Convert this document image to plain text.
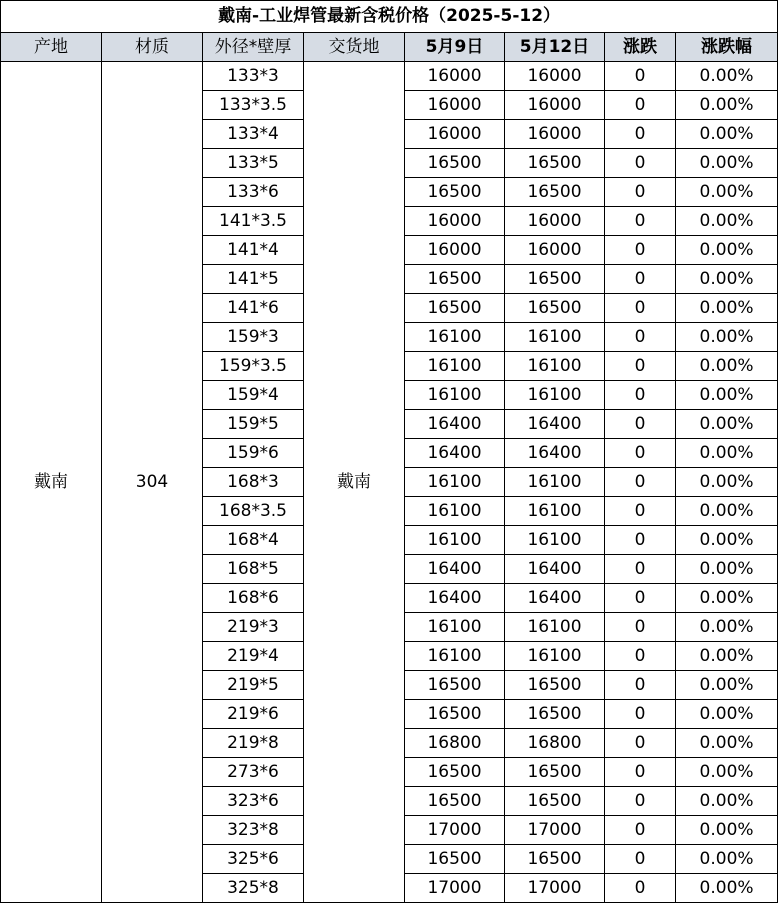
戴南-工业焊管最新含税价格（2025-5-12）							
产地	材质	外径*壁厚	交货地	5月9日	5月12日	涨跌	涨跌幅
戴南	304	133*3	戴南	16000	16000	0	0.00%
		133*3.5		16000	16000	0	0.00%
		133*4		16000	16000	0	0.00%
		133*5		16500	16500	0	0.00%
		133*6		16500	16500	0	0.00%
		141*3.5		16000	16000	0	0.00%
		141*4		16000	16000	0	0.00%
		141*5		16500	16500	0	0.00%
		141*6		16500	16500	0	0.00%
		159*3		16100	16100	0	0.00%
		159*3.5		16100	16100	0	0.00%
		159*4		16100	16100	0	0.00%
		159*5		16400	16400	0	0.00%
		159*6		16400	16400	0	0.00%
		168*3		16100	16100	0	0.00%
		168*3.5		16100	16100	0	0.00%
		168*4		16100	16100	0	0.00%
		168*5		16400	16400	0	0.00%
		168*6		16400	16400	0	0.00%
		219*3		16100	16100	0	0.00%
		219*4		16100	16100	0	0.00%
		219*5		16500	16500	0	0.00%
		219*6		16500	16500	0	0.00%
		219*8		16800	16800	0	0.00%
		273*6		16500	16500	0	0.00%
		323*6		16500	16500	0	0.00%
		323*8		17000	17000	0	0.00%
		325*6		16500	16500	0	0.00%
		325*8		17000	17000	0	0.00%
